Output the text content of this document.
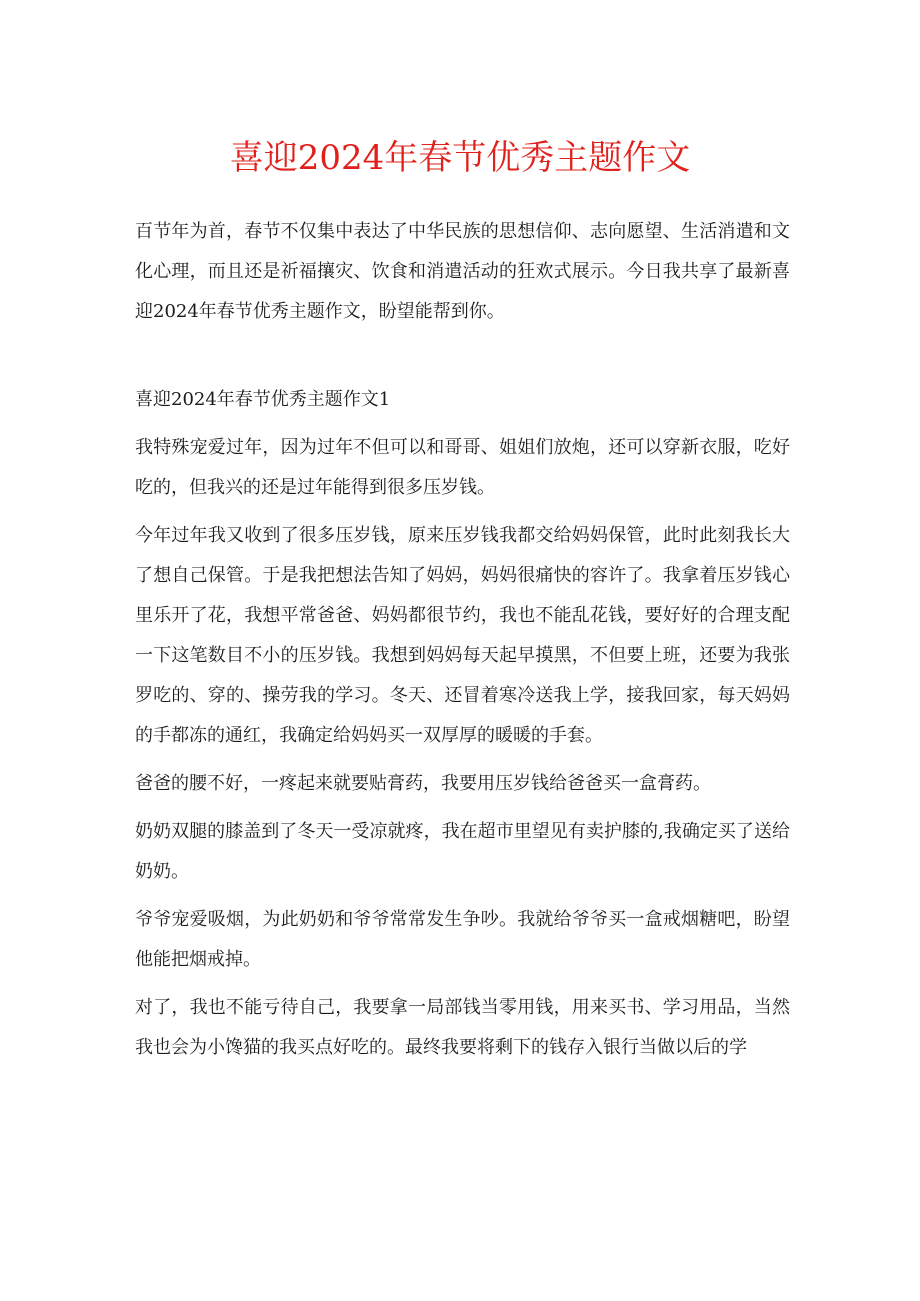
喜迎2024年春节优秀主题作文

百节年为首，春节不仅集中表达了中华民族的思想信仰、志向愿望、生活消遣和文化心理，而且还是祈福攘灾、饮食和消遣活动的狂欢式展示。今日我共享了最新喜迎2024年春节优秀主题作文，盼望能帮到你。

喜迎2024年春节优秀主题作文1

我特殊宠爱过年，因为过年不但可以和哥哥、姐姐们放炮，还可以穿新衣服，吃好吃的，但我兴的还是过年能得到很多压岁钱。

今年过年我又收到了很多压岁钱，原来压岁钱我都交给妈妈保管，此时此刻我长大了想自己保管。于是我把想法告知了妈妈，妈妈很痛快的容许了。我拿着压岁钱心里乐开了花，我想平常爸爸、妈妈都很节约，我也不能乱花钱，要好好的合理支配一下这笔数目不小的压岁钱。我想到妈妈每天起早摸黑，不但要上班，还要为我张罗吃的、穿的、操劳我的学习。冬天、还冒着寒冷送我上学，接我回家，每天妈妈的手都冻的通红，我确定给妈妈买一双厚厚的暖暖的手套。

爸爸的腰不好，一疼起来就要贴膏药，我要用压岁钱给爸爸买一盒膏药。

奶奶双腿的膝盖到了冬天一受凉就疼，我在超市里望见有卖护膝的,我确定买了送给奶奶。

爷爷宠爱吸烟，为此奶奶和爷爷常常发生争吵。我就给爷爷买一盒戒烟糖吧，盼望他能把烟戒掉。

对了，我也不能亏待自己，我要拿一局部钱当零用钱，用来买书、学习用品，当然我也会为小馋猫的我买点好吃的。最终我要将剩下的钱存入银行当做以后的学
